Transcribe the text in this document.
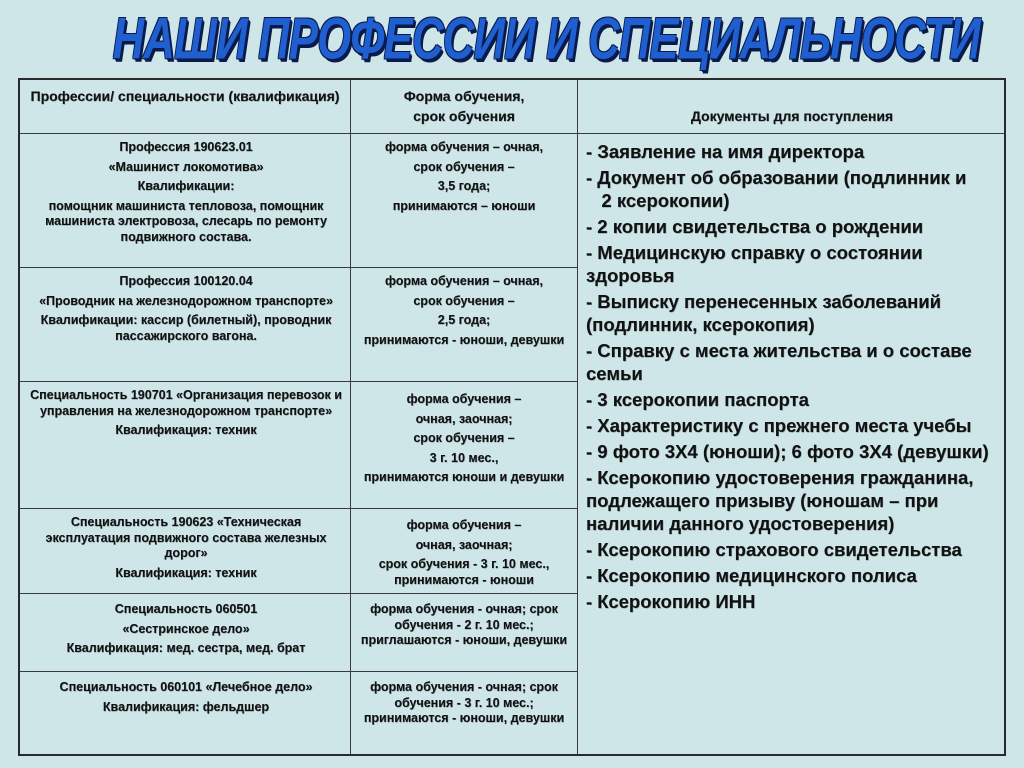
НАШИ ПРОФЕССИИ И СПЕЦИАЛЬНОСТИ
Профессии/ специальности (квалификация)	Форма обучения,
срок обучения	Документы для поступления
Профессия 190623.01
«Машинист локомотива»
Квалификации:
помощник машиниста тепловоза, помощник машиниста электровоза, слесарь по ремонту подвижного состава.
форма обучения – очная,
срок обучения –
3,5 года;
принимаются – юноши
Профессия 100120.04
«Проводник на железнодорожном транспорте»
Квалификации: кассир (билетный), проводник пассажирского вагона.
форма обучения – очная,
срок обучения –
2,5 года;
принимаются - юноши, девушки
Специальность 190701 «Организация перевозок и управления на железнодорожном транспорте»
Квалификация: техник
форма обучения –
очная, заочная;
срок обучения –
3 г. 10 мес.,
принимаются юноши и девушки
Специальность 190623 «Техническая эксплуатация подвижного состава железных дорог»
Квалификация: техник
форма обучения –
очная, заочная;
срок обучения - 3 г. 10 мес., принимаются - юноши
Специальность 060501
«Сестринское дело»
Квалификация: мед. сестра, мед. брат
форма обучения - очная; срок обучения - 2 г. 10 мес.; приглашаются - юноши, девушки
Специальность 060101 «Лечебное дело»
Квалификация: фельдшер
форма обучения - очная; срок обучения - 3 г. 10 мес.; принимаются - юноши, девушки

- Заявление на имя директора

- Документ об образовании (подлинник и

2 ксерокопии)

- 2 копии свидетельства о рождении

- Медицинскую справку о состоянии здоровья

- Выписку перенесенных заболеваний (подлинник, ксерокопия)

- Справку с места жительства и о составе семьи

- 3 ксерокопии паспорта

- Характеристику с прежнего места учебы

- 9 фото 3Х4 (юноши); 6 фото 3Х4 (девушки)

- Ксерокопию удостоверения гражданина, подлежащего призыву (юношам – при наличии данного удостоверения)

- Ксерокопию страхового свидетельства

- Ксерокопию медицинского полиса

- Ксерокопию ИНН
